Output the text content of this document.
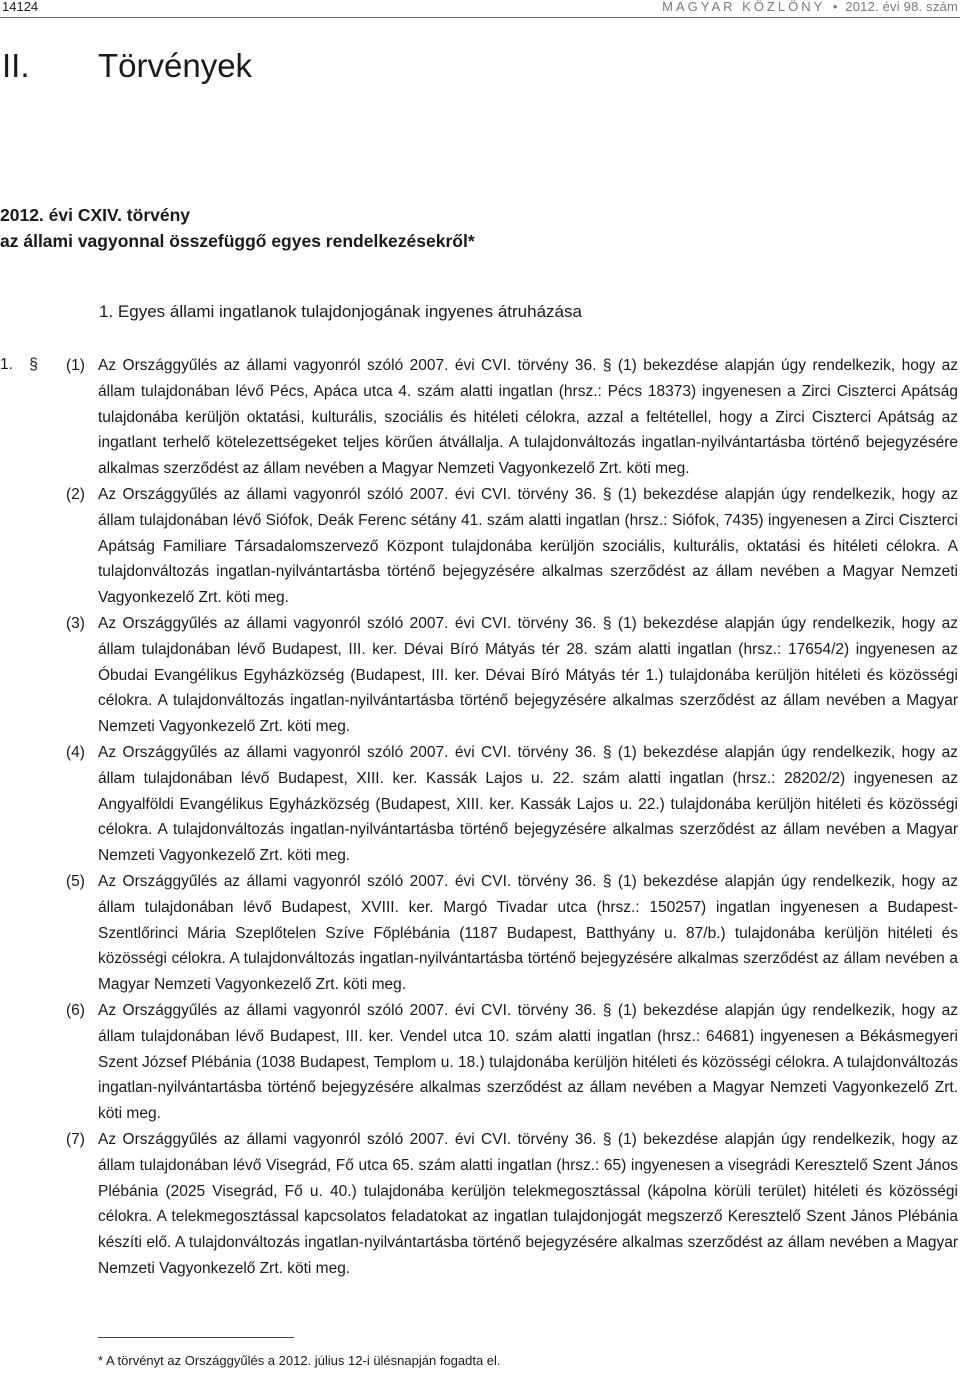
14124	MAGYAR KÖZLÖNY  •  2012. évi 98. szám
II.	Törvények
2012. évi CXIV. törvény
az állami vagyonnal összefüggő egyes rendelkezésekről*
1. Egyes állami ingatlanok tulajdonjogának ingyenes átruházása
1. §	(1) Az Országgyűlés az állami vagyonról szóló 2007. évi CVI. törvény 36. § (1) bekezdése alapján úgy rendelkezik, hogy az állam tulajdonában lévő Pécs, Apáca utca 4. szám alatti ingatlan (hrsz.: Pécs 18373) ingyenesen a Zirci Ciszterci Apátság tulajdonába kerüljön oktatási, kulturális, szociális és hitéleti célokra, azzal a feltétellel, hogy a Zirci Ciszterci Apátság az ingatlant terhelő kötelezettségeket teljes körűen átvállalja. A tulajdonváltozás ingatlan-nyilvántartásba történő bejegyzésére alkalmas szerződést az állam nevében a Magyar Nemzeti Vagyonkezelő Zrt. köti meg.
(2) Az Országgyűlés az állami vagyonról szóló 2007. évi CVI. törvény 36. § (1) bekezdése alapján úgy rendelkezik, hogy az állam tulajdonában lévő Siófok, Deák Ferenc sétány 41. szám alatti ingatlan (hrsz.: Siófok, 7435) ingyenesen a Zirci Ciszterci Apátság Familiare Társadalomszervező Központ tulajdonába kerüljön szociális, kulturális, oktatási és hitéleti célokra. A tulajdonváltozás ingatlan-nyilvántartásba történő bejegyzésére alkalmas szerződést az állam nevében a Magyar Nemzeti Vagyonkezelő Zrt. köti meg.
(3) Az Országgyűlés az állami vagyonról szóló 2007. évi CVI. törvény 36. § (1) bekezdése alapján úgy rendelkezik, hogy az állam tulajdonában lévő Budapest, III. ker. Dévai Bíró Mátyás tér 28. szám alatti ingatlan (hrsz.: 17654/2) ingyenesen az Óbudai Evangélikus Egyházközség (Budapest, III. ker. Dévai Bíró Mátyás tér 1.) tulajdonába kerüljön hitéleti és közösségi célokra. A tulajdonváltozás ingatlan-nyilvántartásba történő bejegyzésére alkalmas szerződést az állam nevében a Magyar Nemzeti Vagyonkezelő Zrt. köti meg.
(4) Az Országgyűlés az állami vagyonról szóló 2007. évi CVI. törvény 36. § (1) bekezdése alapján úgy rendelkezik, hogy az állam tulajdonában lévő Budapest, XIII. ker. Kassák Lajos u. 22. szám alatti ingatlan (hrsz.: 28202/2) ingyenesen az Angyalföldi Evangélikus Egyházközség (Budapest, XIII. ker. Kassák Lajos u. 22.) tulajdonába kerüljön hitéleti és közösségi célokra. A tulajdonváltozás ingatlan-nyilvántartásba történő bejegyzésére alkalmas szerződést az állam nevében a Magyar Nemzeti Vagyonkezelő Zrt. köti meg.
(5) Az Országgyűlés az állami vagyonról szóló 2007. évi CVI. törvény 36. § (1) bekezdése alapján úgy rendelkezik, hogy az állam tulajdonában lévő Budapest, XVIII. ker. Margó Tivadar utca (hrsz.: 150257) ingatlan ingyenesen a Budapest-Szentlőrinci Mária Szeplőtelen Szíve Főplébánia (1187 Budapest, Batthyány u. 87/b.) tulajdonába kerüljön hitéleti és közösségi célokra. A tulajdonváltozás ingatlan-nyilvántartásba történő bejegyzésére alkalmas szerződést az állam nevében a Magyar Nemzeti Vagyonkezelő Zrt. köti meg.
(6) Az Országgyűlés az állami vagyonról szóló 2007. évi CVI. törvény 36. § (1) bekezdése alapján úgy rendelkezik, hogy az állam tulajdonában lévő Budapest, III. ker. Vendel utca 10. szám alatti ingatlan (hrsz.: 64681) ingyenesen a Békásmegyeri Szent József Plébánia (1038 Budapest, Templom u. 18.) tulajdonába kerüljön hitéleti és közösségi célokra. A tulajdonváltozás ingatlan-nyilvántartásba történő bejegyzésére alkalmas szerződést az állam nevében a Magyar Nemzeti Vagyonkezelő Zrt. köti meg.
(7) Az Országgyűlés az állami vagyonról szóló 2007. évi CVI. törvény 36. § (1) bekezdése alapján úgy rendelkezik, hogy az állam tulajdonában lévő Visegrád, Fő utca 65. szám alatti ingatlan (hrsz.: 65) ingyenesen a visegrádi Keresztelő Szent János Plébánia (2025 Visegrád, Fő u. 40.) tulajdonába kerüljön telekmegosztással (kápolna körüli terület) hitéleti és közösségi célokra. A telekmegosztással kapcsolatos feladatokat az ingatlan tulajdonjogát megszerző Keresztelő Szent János Plébánia készíti elő. A tulajdonváltozás ingatlan-nyilvántartásba történő bejegyzésére alkalmas szerződést az állam nevében a Magyar Nemzeti Vagyonkezelő Zrt. köti meg.
* A törvényt az Országgyűlés a 2012. július 12-i ülésnapján fogadta el.
